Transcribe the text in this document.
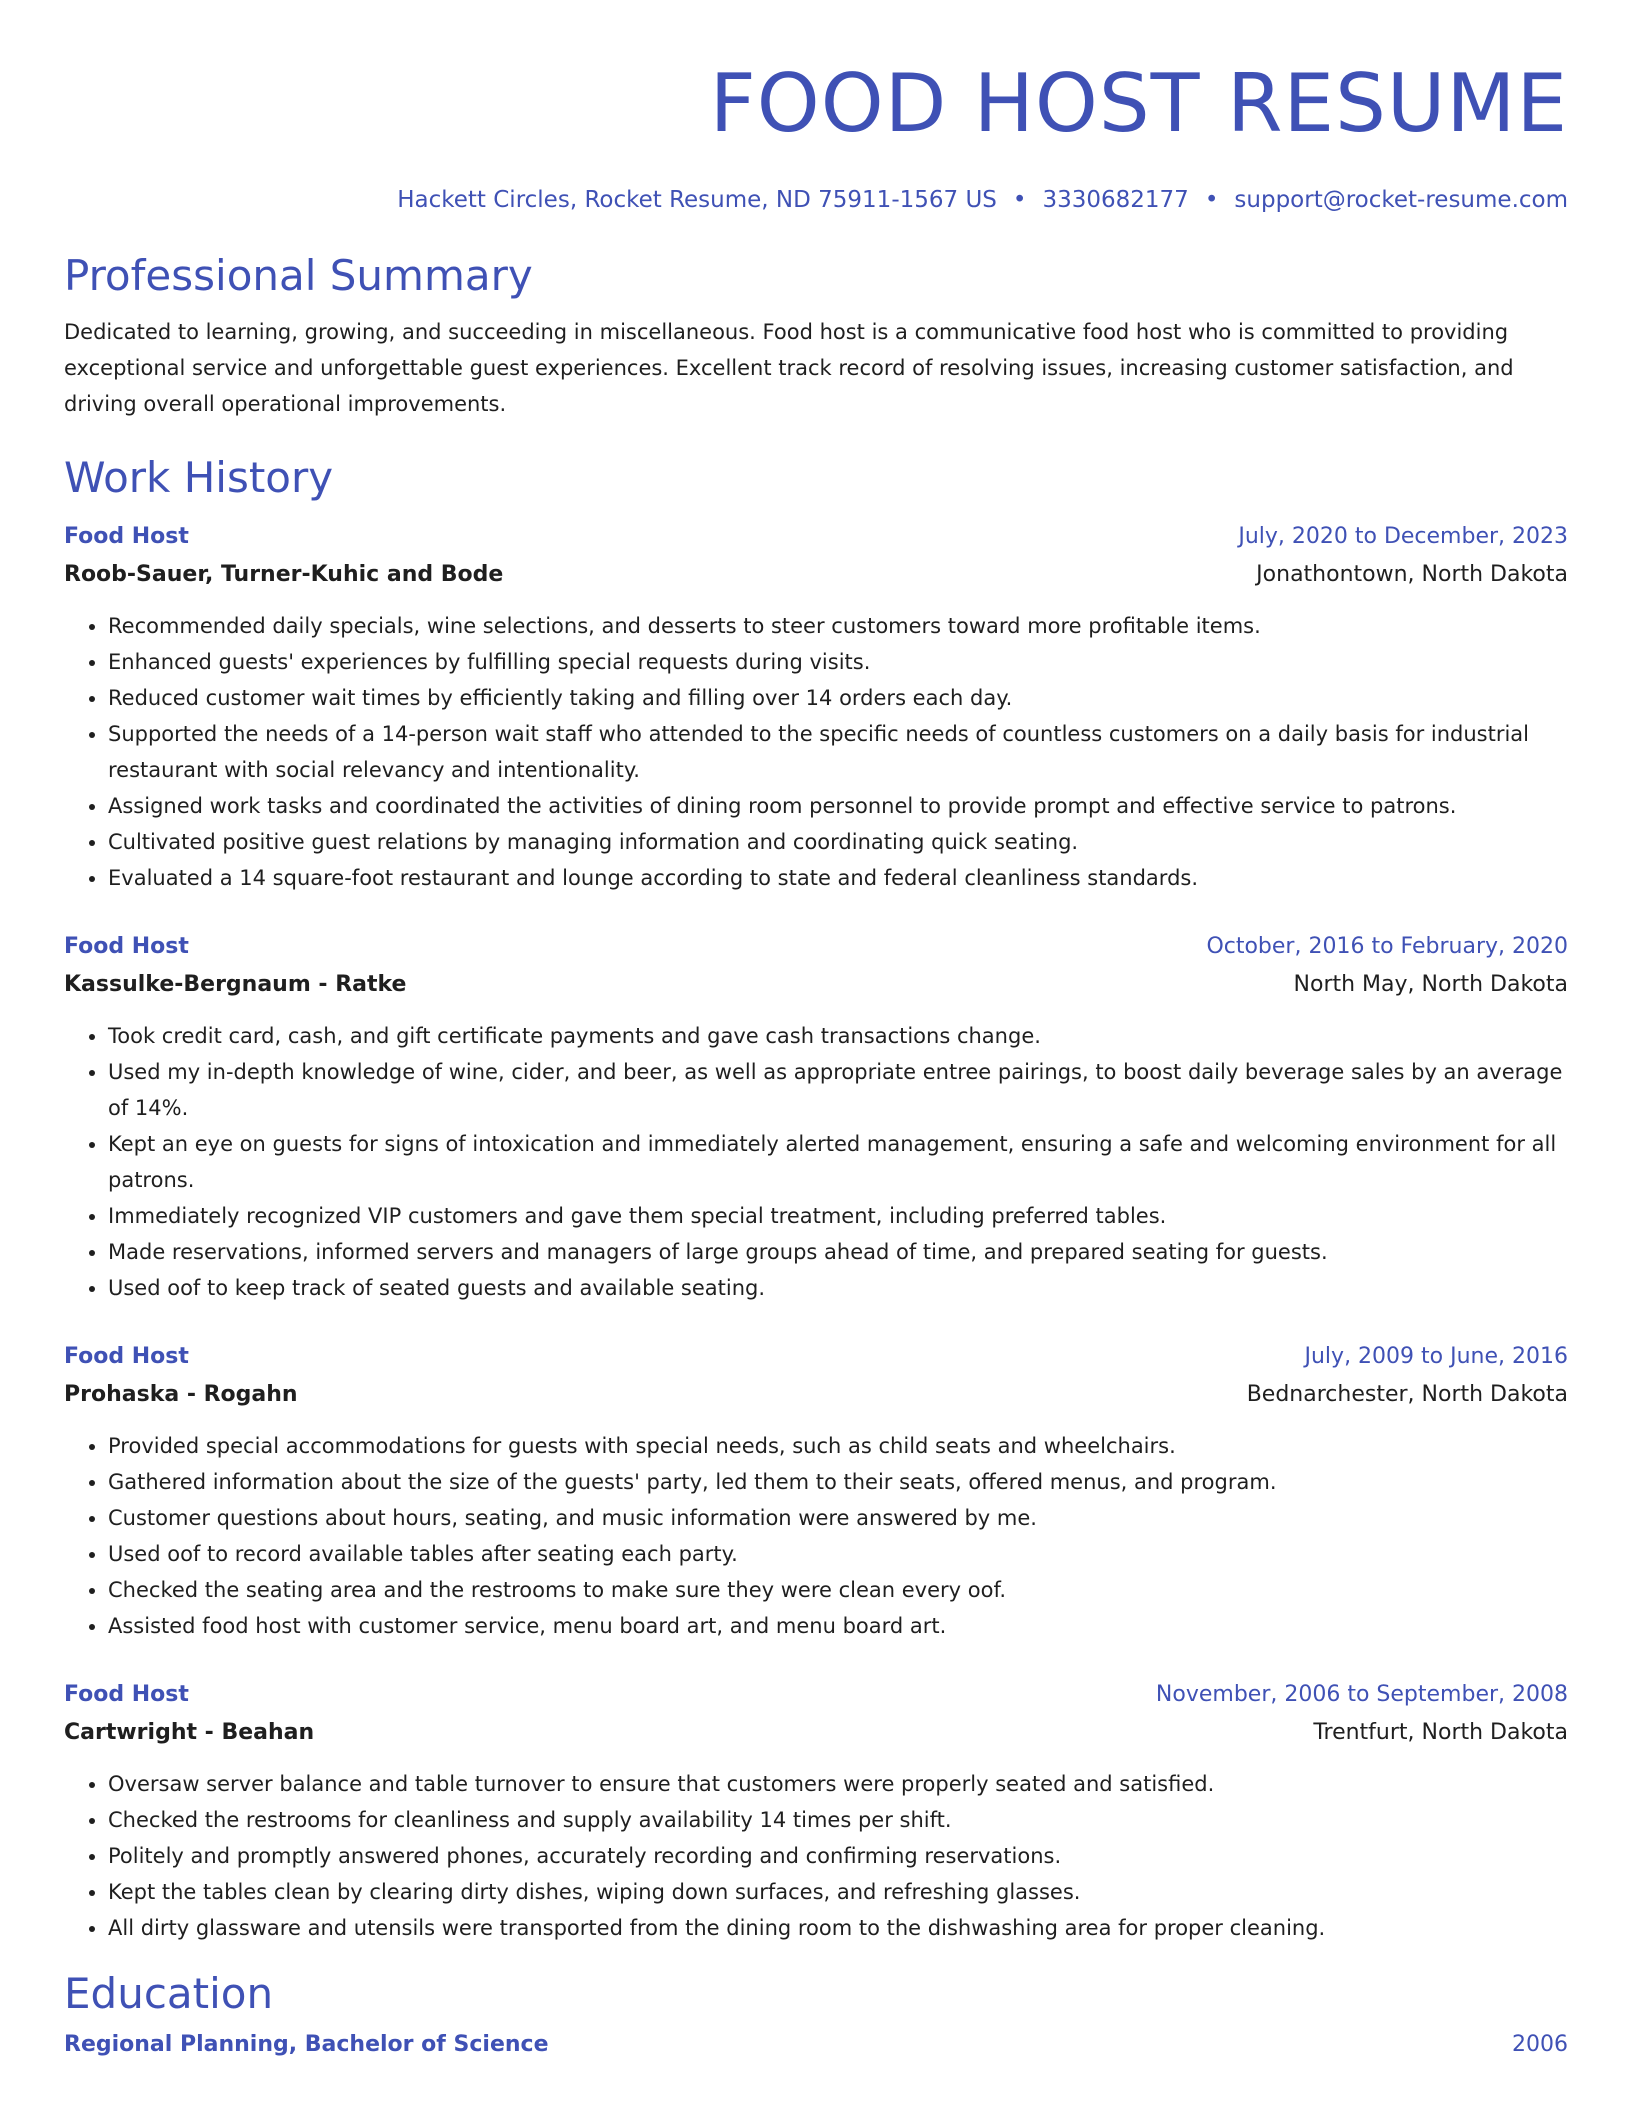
FOOD HOST RESUME
Hackett Circles, Rocket Resume, ND 75911-1567 US • 3330682177 • support@rocket-resume.com
Professional Summary
Dedicated to learning, growing, and succeeding in miscellaneous. Food host is a communicative food host who is committed to providing exceptional service and unforgettable guest experiences. Excellent track record of resolving issues, increasing customer satisfaction, and driving overall operational improvements.
Work History
Food Host	July, 2020 to December, 2023
Roob-Sauer, Turner-Kuhic and Bode	Jonathontown, North Dakota
• Recommended daily specials, wine selections, and desserts to steer customers toward more profitable items.
• Enhanced guests' experiences by fulfilling special requests during visits.
• Reduced customer wait times by efficiently taking and filling over 14 orders each day.
• Supported the needs of a 14-person wait staff who attended to the specific needs of countless customers on a daily basis for industrial restaurant with social relevancy and intentionality.
• Assigned work tasks and coordinated the activities of dining room personnel to provide prompt and effective service to patrons.
• Cultivated positive guest relations by managing information and coordinating quick seating.
• Evaluated a 14 square-foot restaurant and lounge according to state and federal cleanliness standards.
Food Host	October, 2016 to February, 2020
Kassulke-Bergnaum - Ratke	North May, North Dakota
• Took credit card, cash, and gift certificate payments and gave cash transactions change.
• Used my in-depth knowledge of wine, cider, and beer, as well as appropriate entree pairings, to boost daily beverage sales by an average of 14%.
• Kept an eye on guests for signs of intoxication and immediately alerted management, ensuring a safe and welcoming environment for all patrons.
• Immediately recognized VIP customers and gave them special treatment, including preferred tables.
• Made reservations, informed servers and managers of large groups ahead of time, and prepared seating for guests.
• Used oof to keep track of seated guests and available seating.
Food Host	July, 2009 to June, 2016
Prohaska - Rogahn	Bednarchester, North Dakota
• Provided special accommodations for guests with special needs, such as child seats and wheelchairs.
• Gathered information about the size of the guests' party, led them to their seats, offered menus, and program.
• Customer questions about hours, seating, and music information were answered by me.
• Used oof to record available tables after seating each party.
• Checked the seating area and the restrooms to make sure they were clean every oof.
• Assisted food host with customer service, menu board art, and menu board art.
Food Host	November, 2006 to September, 2008
Cartwright - Beahan	Trentfurt, North Dakota
• Oversaw server balance and table turnover to ensure that customers were properly seated and satisfied.
• Checked the restrooms for cleanliness and supply availability 14 times per shift.
• Politely and promptly answered phones, accurately recording and confirming reservations.
• Kept the tables clean by clearing dirty dishes, wiping down surfaces, and refreshing glasses.
• All dirty glassware and utensils were transported from the dining room to the dishwashing area for proper cleaning.
Education
Regional Planning, Bachelor of Science	2006
